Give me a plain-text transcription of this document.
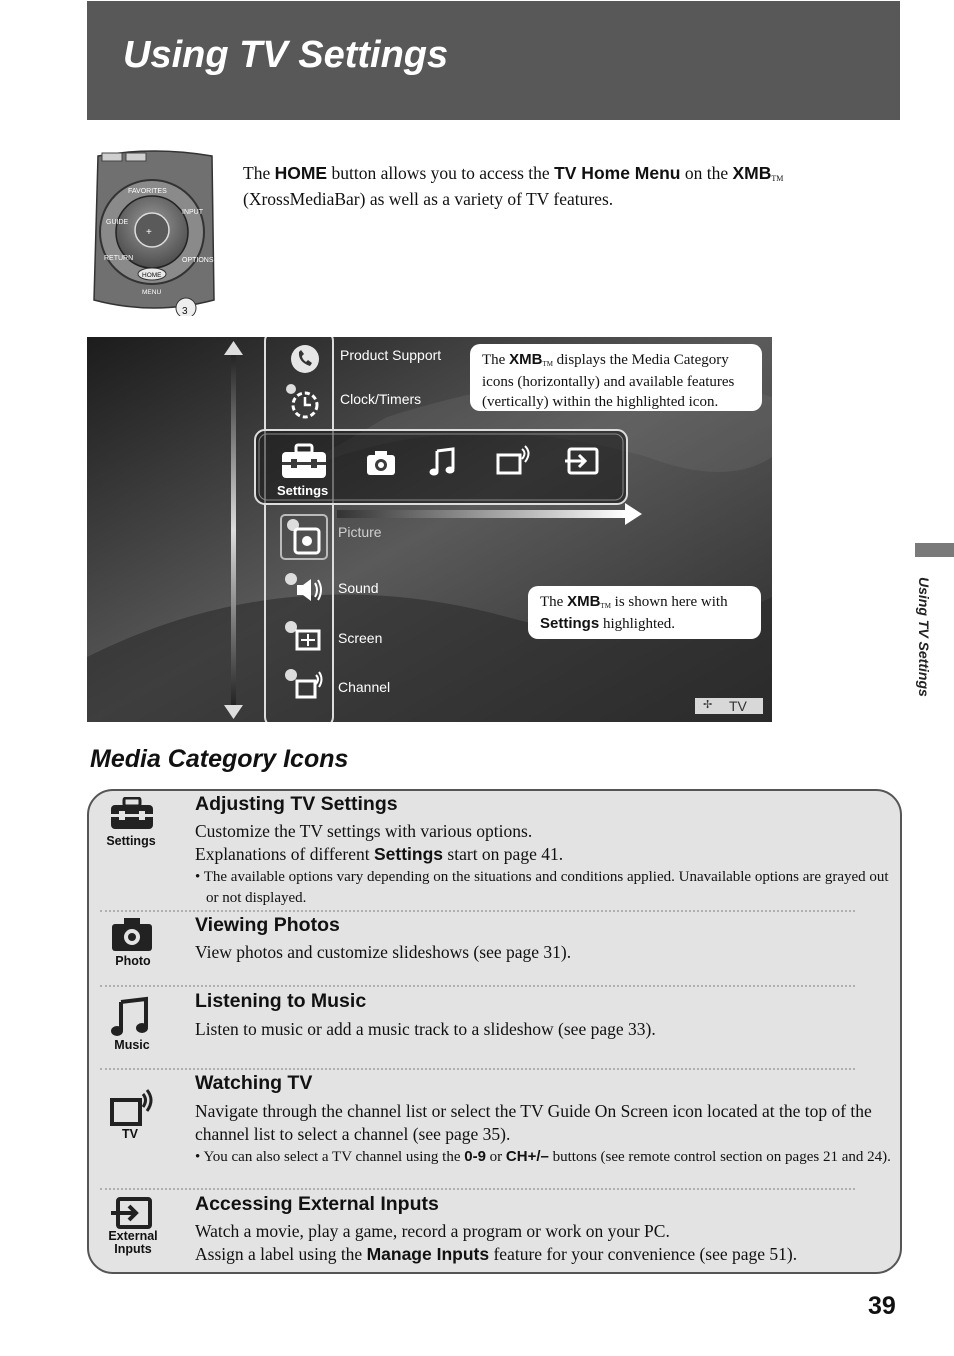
Using TV Settings
+
FAVORITES
GUIDE
INPUT
RETURN	OPTIONS
HOME
MENU
3
The HOME button allows you to access the TV Home Menu on the $XMB_{TM}$ (XrossMediaBar) as well as a variety of TV features.
Product Support
Clock/Timers
Settings
Picture
Sound
Screen
Channel
The $XMB_{TM}$ displays the Media Category icons (horizontally) and available features (vertically) within the highlighted icon.
The $XMB_{TM}$ is shown here with Settings highlighted.
✢ TV
Using TV Settings
Media Category Icons
Settings
Adjusting TV Settings
Customize the TV settings with various options.
Explanations of different Settings start on page 41.
• The available options vary depending on the situations and conditions applied. Unavailable options are grayed out or not displayed.
Photo
Viewing Photos
View photos and customize slideshows (see page 31).
Music
Listening to Music
Listen to music or add a music track to a slideshow (see page 33).
TV
Watching TV
Navigate through the channel list or select the TV Guide On Screen icon located at the top of the channel list to select a channel (see page 35).
• You can also select a TV channel using the 0-9 or CH+/– buttons (see remote control section on pages 21 and 24).
External
Inputs
Accessing External Inputs
Watch a movie, play a game, record a program or work on your PC.
Assign a label using the Manage Inputs feature for your convenience (see page 51).
39
